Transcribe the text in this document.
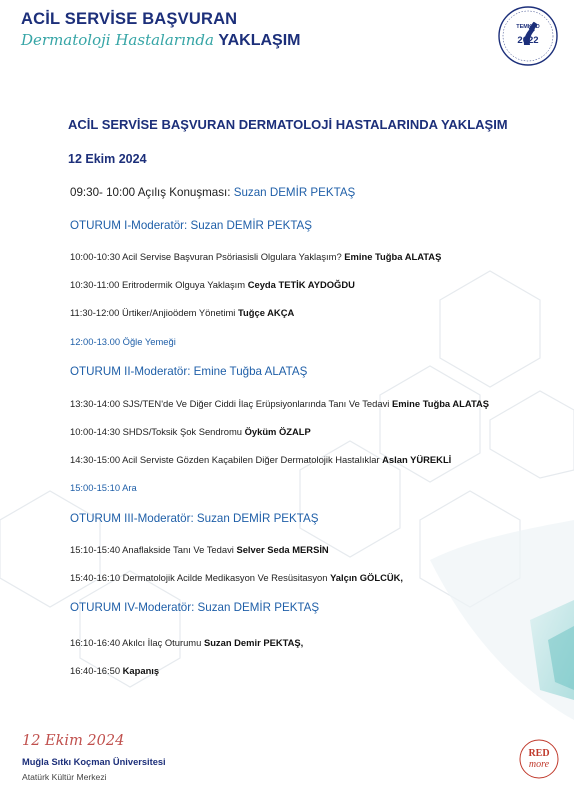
ACİL SERVİSE BAŞVURAN
Dermatoloji Hastalarında YAKLAŞIM
TEMKAD
2022
ACİL SERVİSE BAŞVURAN DERMATOLOJİ HASTALARINDA YAKLAŞIM
12 Ekim 2024
09:30- 10:00 Açılış Konuşması: Suzan DEMİR PEKTAŞ
OTURUM I-Moderatör: Suzan DEMİR PEKTAŞ
10:00-10:30 Acil Servise Başvuran Psöriasisli Olgulara Yaklaşım? Emine Tuğba ALATAŞ
10:30-11:00 Eritrodermik Olguya Yaklaşım Ceyda TETİK AYDOĞDU
11:30-12:00 Ürtiker/Anjioödem Yönetimi Tuğçe AKÇA
12:00-13.00 Öğle Yemeği
OTURUM II-Moderatör: Emine Tuğba ALATAŞ
13:30-14:00 SJS/TEN'de Ve Diğer Ciddi İlaç Erüpsiyonlarında Tanı Ve Tedavi Emine Tuğba ALATAŞ
10:00-14:30 SHDS/Toksik Şok Sendromu Öyküm ÖZALP
14:30-15:00 Acil Serviste Gözden Kaçabilen Diğer Dermatolojik Hastalıklar Aslan YÜREKLİ
15:00-15:10 Ara
OTURUM III-Moderatör: Suzan DEMİR PEKTAŞ
15:10-15:40 Anaflakside Tanı Ve Tedavi Selver Seda MERSİN
15:40-16:10 Dermatolojik Acilde Medikasyon Ve Resüsitasyon Yalçın GÖLCÜK,
OTURUM IV-Moderatör: Suzan DEMİR PEKTAŞ
16:10-16:40 Akılcı İlaç Oturumu Suzan Demir PEKTAŞ,
16:40-16:50 Kapanış
12 Ekim 2024
Muğla Sıtkı Koçman Üniversitesi
Atatürk Kültür Merkezi
RED
more
